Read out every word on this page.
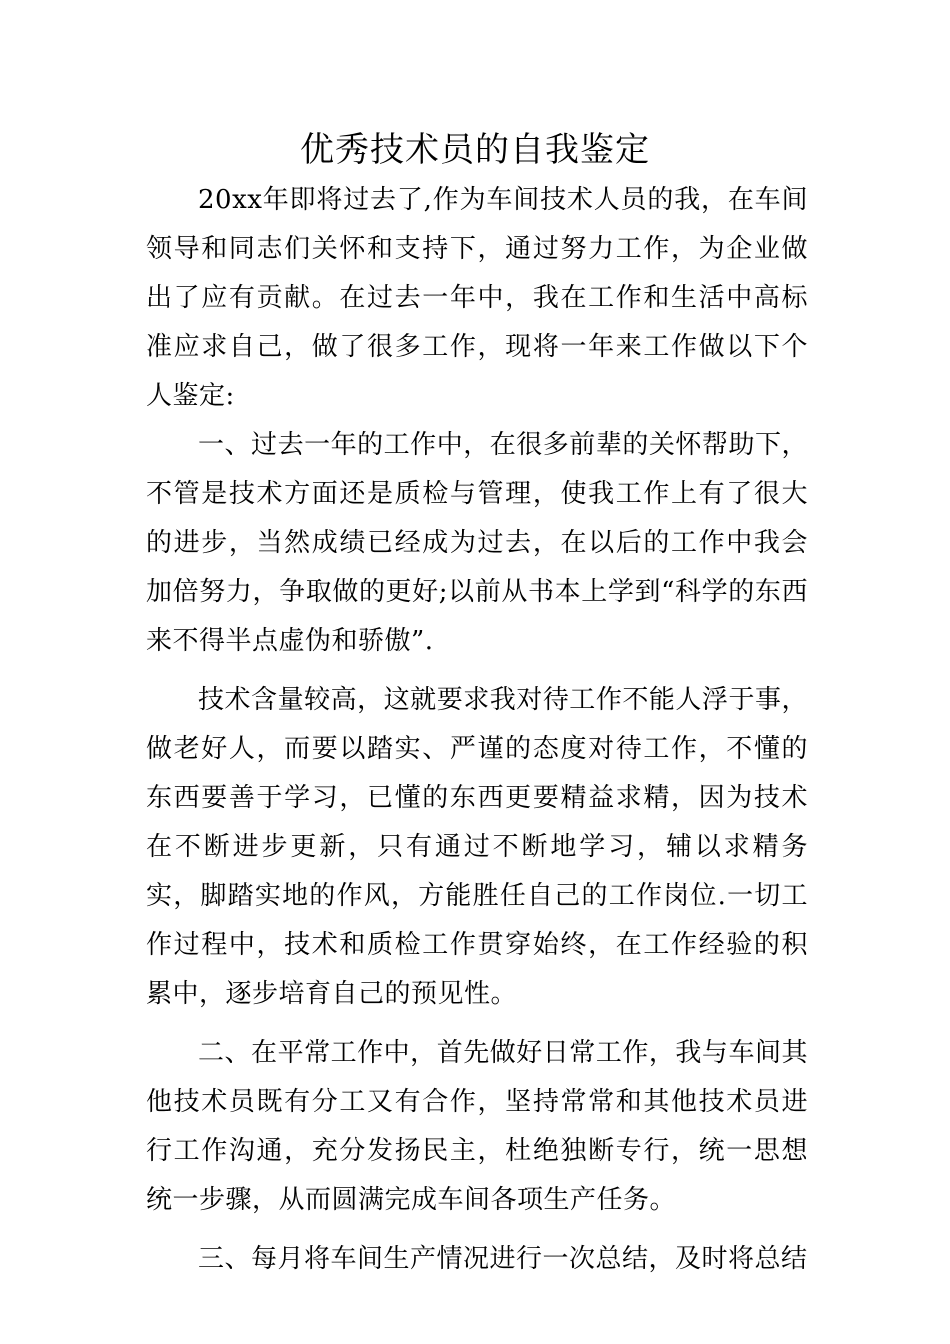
优秀技术员的自我鉴定

20xx年即将过去了,作为车间技术人员的我，在车间领导和同志们关怀和支持下，通过努力工作，为企业做出了应有贡献。在过去一年中，我在工作和生活中高标准应求自己，做了很多工作，现将一年来工作做以下个人鉴定:

一、过去一年的工作中，在很多前辈的关怀帮助下，不管是技术方面还是质检与管理，使我工作上有了很大的进步，当然成绩已经成为过去，在以后的工作中我会加倍努力，争取做的更好;以前从书本上学到“科学的东西来不得半点虚伪和骄傲”.

技术含量较高，这就要求我对待工作不能人浮于事，做老好人，而要以踏实、严谨的态度对待工作，不懂的东西要善于学习，已懂的东西更要精益求精，因为技术在不断进步更新，只有通过不断地学习，辅以求精务实，脚踏实地的作风，方能胜任自己的工作岗位.一切工作过程中，技术和质检工作贯穿始终，在工作经验的积累中，逐步培育自己的预见性。

二、在平常工作中，首先做好日常工作，我与车间其他技术员既有分工又有合作，坚持常常和其他技术员进行工作沟通，充分发扬民主，杜绝独断专行，统一思想统一步骤，从而圆满完成车间各项生产任务。

三、每月将车间生产情况进行一次总结，及时将总结
